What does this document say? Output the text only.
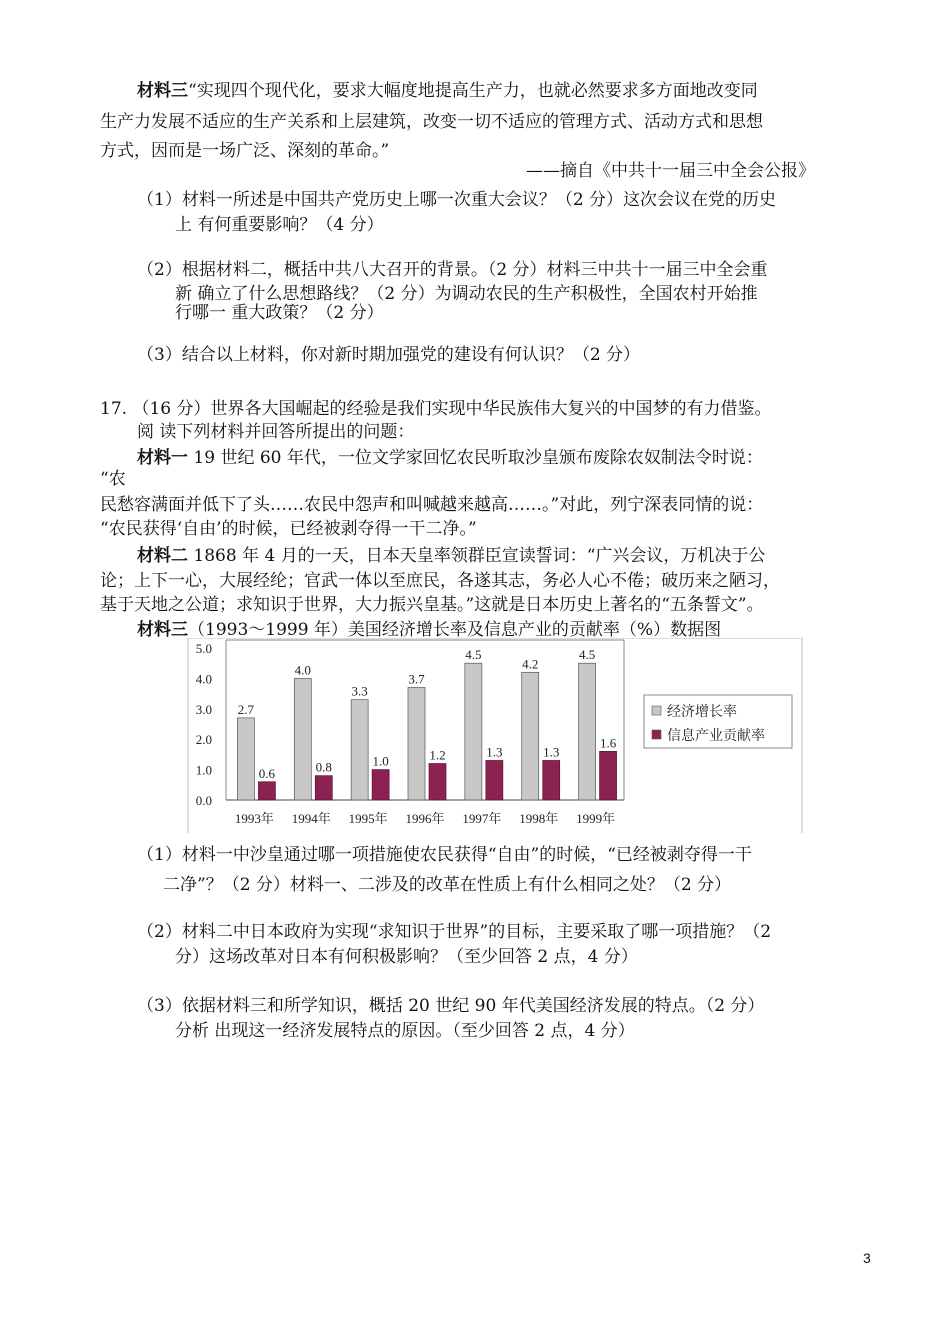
材料三“实现四个现代化，要求大幅度地提高生产力，也就必然要求多方面地改变同
生产力发展不适应的生产关系和上层建筑，改变一切不适应的管理方式、活动方式和思想
方式，因而是一场广泛、深刻的革命。”
——摘自《中共十一届三中全会公报》
（1）材料一所述是中国共产党历史上哪一次重大会议？（2 分）这次会议在党的历史
上 有何重要影响？（4 分）
（2）根据材料二，概括中共八大召开的背景。（2 分）材料三中共十一届三中全会重
新 确立了什么思想路线？（2 分）为调动农民的生产积极性，全国农村开始推
行哪一 重大政策？（2 分）
（3）结合以上材料，你对新时期加强党的建设有何认识？（2 分）
17. （16 分）世界各大国崛起的经验是我们实现中华民族伟大复兴的中国梦的有力借鉴。
阅 读下列材料并回答所提出的问题：
材料一 19 世纪 60 年代，一位文学家回忆农民听取沙皇颁布废除农奴制法令时说：
“农
民愁容满面并低下了头……农民中怨声和叫喊越来越高……。”对此，列宁深表同情的说：
“农民获得‘自由’的时候，已经被剥夺得一干二净。”
材料二 1868 年 4 月的一天，日本天皇率领群臣宣读誓词：“广兴会议，万机决于公
论；上下一心，大展经纶；官武一体以至庶民，各遂其志，务必人心不倦；破历来之陋习，
基于天地之公道；求知识于世界，大力振兴皇基。”这就是日本历史上著名的“五条誓文”。
材料三（1993～1999 年）美国经济增长率及信息产业的贡献率（%）数据图
5.0
4.0
3.0
2.0
1.0
0.0
2.7
0.6
4.0
0.8
3.3
1.0
3.7
1.2
4.5
1.3
4.2
1.3
4.5
1.6
1993年 1994年 1995年 1996年 1997年 1998年 1999年
经济增长率
信息产业贡献率
（1）材料一中沙皇通过哪一项措施使农民获得“自由”的时候，“已经被剥夺得一干
二净”？（2 分）材料一、二涉及的改革在性质上有什么相同之处？（2 分）
（2）材料二中日本政府为实现“求知识于世界”的目标，主要采取了哪一项措施？（2
分）这场改革对日本有何积极影响？（至少回答 2 点，4 分）
（3）依据材料三和所学知识，概括 20 世纪 90 年代美国经济发展的特点。（2 分）
分析 出现这一经济发展特点的原因。（至少回答 2 点，4 分）
3
